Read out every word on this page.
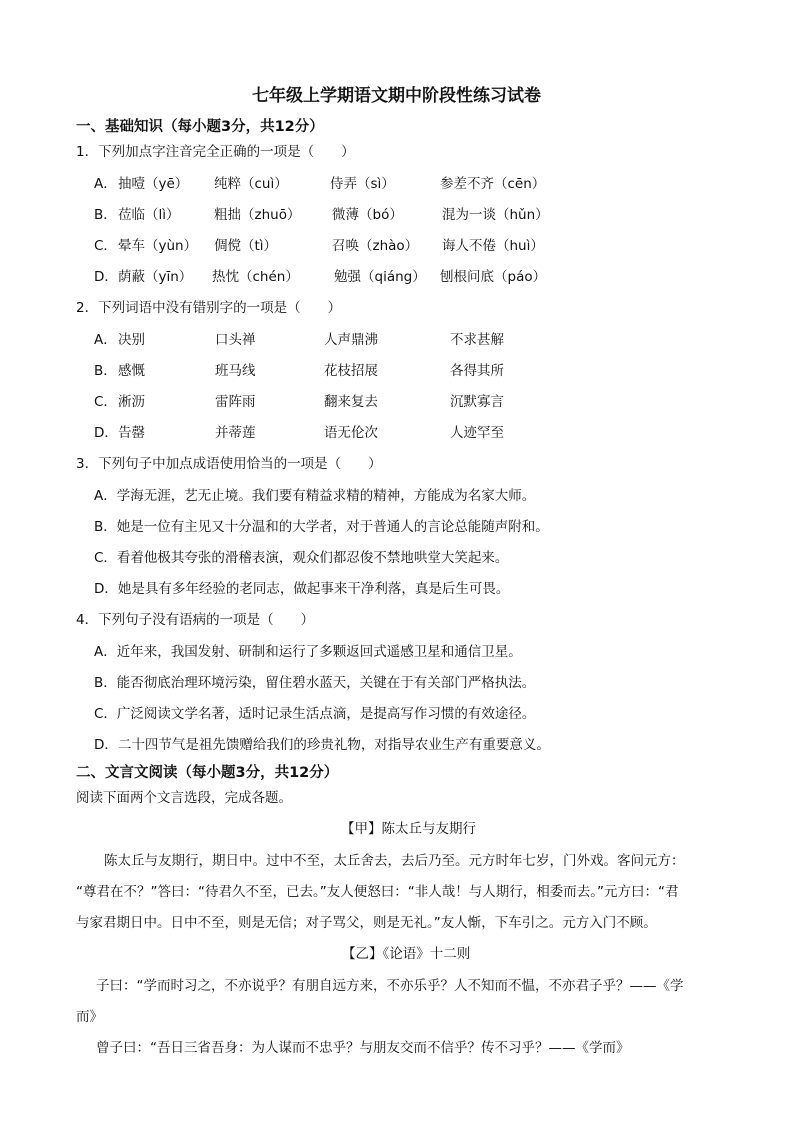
七年级上学期语文期中阶段性练习试卷
一、基础知识（每小题3分，共12分）
1．下列加点字注音完全正确的一项是（　　）
A． 抽噎（yē） 纯粹（cuì）	侍弄（sì）	参差不齐（cēn）
B． 莅临（lì）	粗拙（zhuō） 微薄（bó）	混为一谈（hǔn）
C． 晕车（yùn） 倜傥（tì）	召唤（zhào） 诲人不倦（huì）
D． 荫蔽（yīn） 热忱（chén）	勉强（qiáng） 刨根问底（páo）
2．下列词语中没有错别字的一项是（　　）
A． 决别	口头禅	人声鼎沸	不求甚解
B． 感慨	班马线	花枝招展	各得其所
C． 淅沥	雷阵雨	翻来复去	沉默寡言
D． 告罄	并蒂莲	语无伦次	人迹罕至
3．下列句子中加点成语使用恰当的一项是（　　）
A．学海无涯，艺无止境。我们要有精益求精的精神，方能成为名家大师。
B．她是一位有主见又十分温和的大学者，对于普通人的言论总能随声附和。
C．看着他极其夸张的滑稽表演，观众们都忍俊不禁地哄堂大笑起来。
D．她是具有多年经验的老同志，做起事来干净利落，真是后生可畏。
4．下列句子没有语病的一项是（　　）
A．近年来，我国发射、研制和运行了多颗返回式遥感卫星和通信卫星。
B．能否彻底治理环境污染，留住碧水蓝天，关键在于有关部门严格执法。
C．广泛阅读文学名著，适时记录生活点滴，是提高写作习惯的有效途径。
D．二十四节气是祖先馈赠给我们的珍贵礼物，对指导农业生产有重要意义。
二、文言文阅读（每小题3分，共12分）
阅读下面两个文言选段，完成各题。
【甲】陈太丘与友期行
陈太丘与友期行，期日中。过中不至，太丘舍去，去后乃至。元方时年七岁，门外戏。客问元方：
“尊君在不？”答曰：“待君久不至，已去。”友人便怒曰：“非人哉！与人期行，相委而去。”元方曰：“君
与家君期日中。日中不至，则是无信；对子骂父，则是无礼。”友人惭，下车引之。元方入门不顾。
【乙】《论语》十二则
子曰：“学而时习之，不亦说乎？有朋自远方来，不亦乐乎？人不知而不愠，不亦君子乎？——《学
而》
曾子曰：“吾日三省吾身：为人谋而不忠乎？与朋友交而不信乎？传不习乎？——《学而》
